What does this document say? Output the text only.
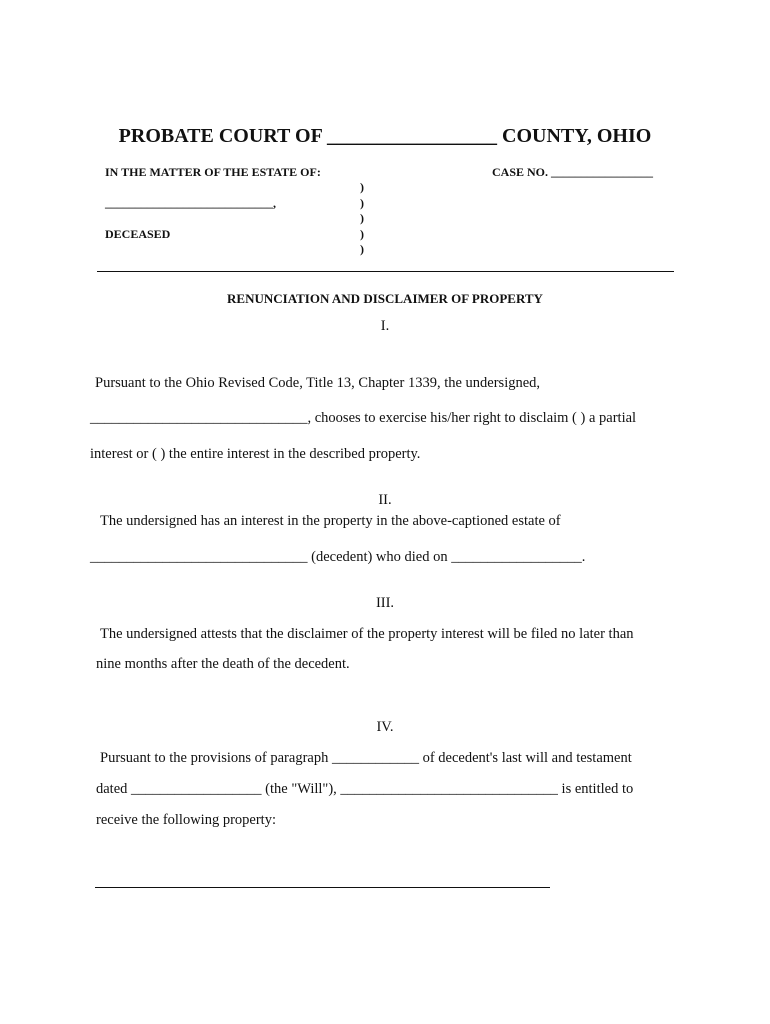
PROBATE COURT OF _________________ COUNTY, OHIO
IN THE MATTER OF THE ESTATE OF:	CASE NO. _________________
)
____________________________,	)
)
DECEASED	)
)
RENUNCIATION AND DISCLAIMER OF PROPERTY
I.
Pursuant to the Ohio Revised Code, Title 13, Chapter 1339, the undersigned,
______________________________, chooses to exercise his/her right to disclaim ( ) a partial
interest or ( ) the entire interest in the described property.
II.
The undersigned has an interest in the property in the above-captioned estate of
______________________________ (decedent) who died on __________________.
III.
The undersigned attests that the disclaimer of the property interest will be filed no later than
nine months after the death of the decedent.
IV.
Pursuant to the provisions of paragraph ____________ of decedent's last will and testament
dated __________________ (the "Will"), ______________________________ is entitled to
receive the following property:
